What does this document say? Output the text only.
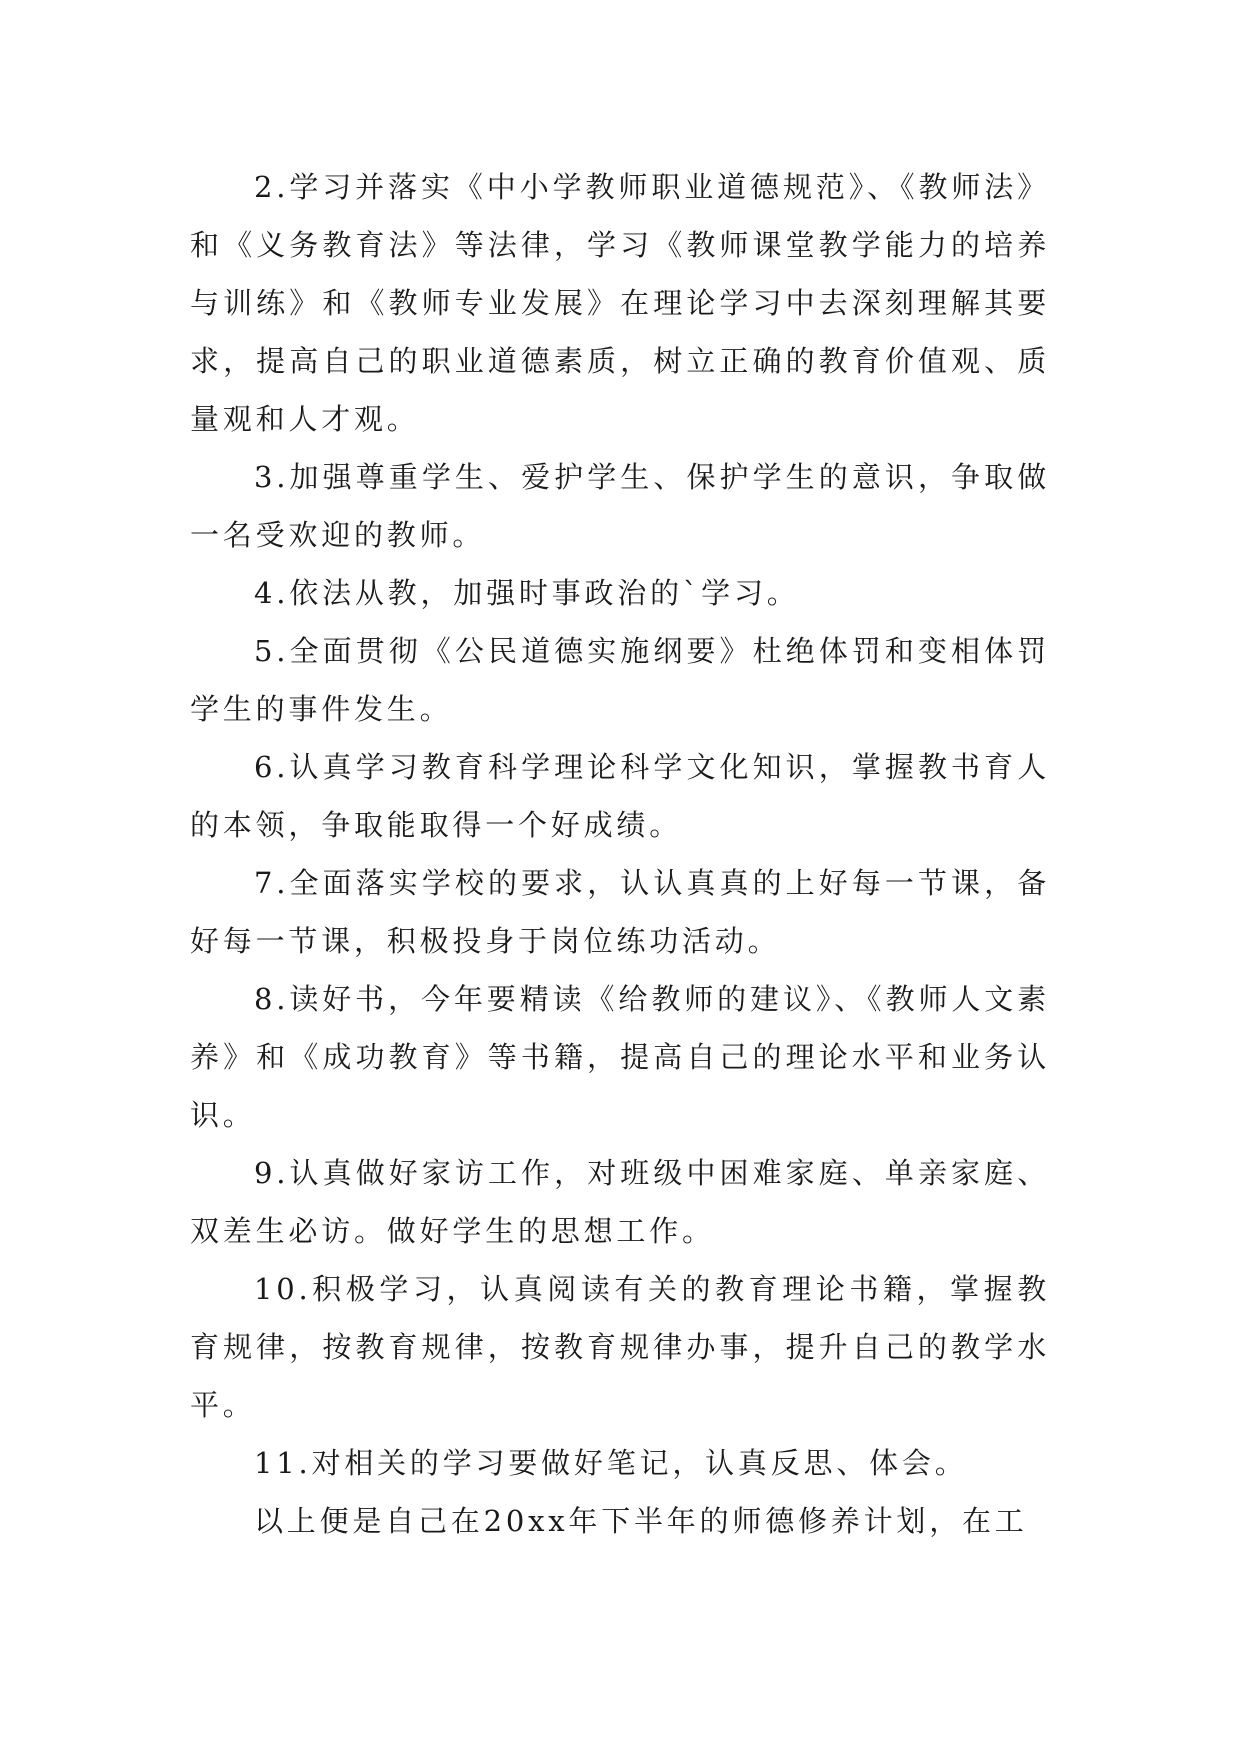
2.学习并落实《中小学教师职业道德规范》、《教师法》和《义务教育法》等法律，学习《教师课堂教学能力的培养与训练》和《教师专业发展》在理论学习中去深刻理解其要求，提高自己的职业道德素质，树立正确的教育价值观、质量观和人才观。

3.加强尊重学生、爱护学生、保护学生的意识，争取做一名受欢迎的教师。

4.依法从教，加强时事政治的`学习。

5.全面贯彻《公民道德实施纲要》杜绝体罚和变相体罚学生的事件发生。

6.认真学习教育科学理论科学文化知识，掌握教书育人的本领，争取能取得一个好成绩。

7.全面落实学校的要求，认认真真的上好每一节课，备好每一节课，积极投身于岗位练功活动。

8.读好书，今年要精读《给教师的建议》、《教师人文素养》和《成功教育》等书籍，提高自己的理论水平和业务认识。

9.认真做好家访工作，对班级中困难家庭、单亲家庭、双差生必访。做好学生的思想工作。

10.积极学习，认真阅读有关的教育理论书籍，掌握教育规律，按教育规律，按教育规律办事，提升自己的教学水平。

11.对相关的学习要做好笔记，认真反思、体会。

以上便是自己在20xx年下半年的师德修养计划，在工
